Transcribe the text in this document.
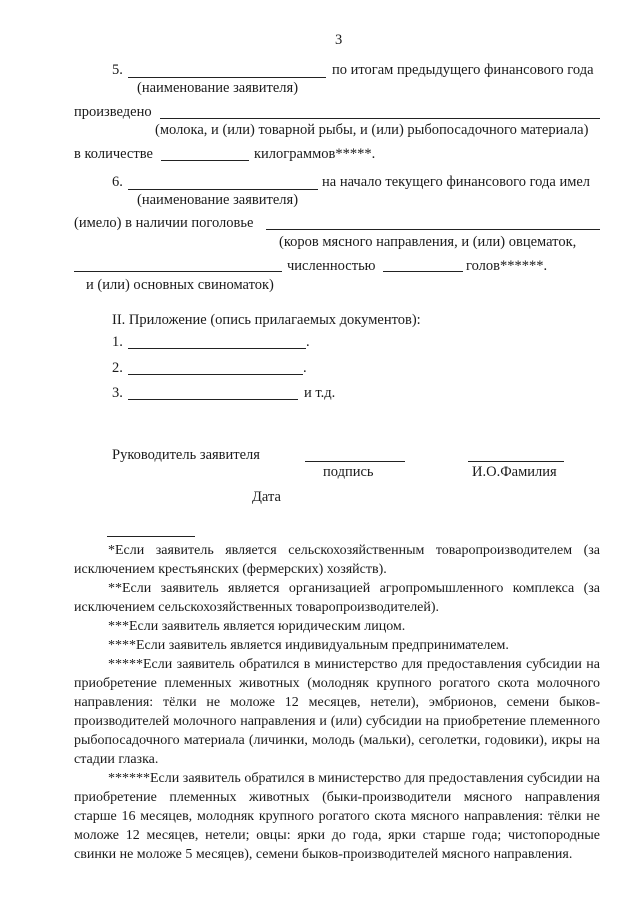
3
5.	по итогам предыдущего финансового года
(наименование заявителя)
произведено
(молока, и (или) товарной рыбы, и (или) рыбопосадочного материала)
в количестве	килограммов*****.
6.	на начало текущего финансового года имел
(наименование заявителя)
(имело) в наличии поголовье
(коров мясного направления, и (или) овцематок,
численностью	голов******.
и (или) основных свиноматок)
II. Приложение (опись прилагаемых документов):
1.	.
2.	.
3.	и т.д.
Руководитель заявителя
подпись	И.О.Фамилия
Дата

*Если заявитель является сельскохозяйственным товаропроизводителем (за исключением крестьянских (фермерских) хозяйств).

**Если заявитель является организацией агропромышленного комплекса (за исключением сельскохозяйственных товаропроизводителей).

***Если заявитель является юридическим лицом.

****Если заявитель является индивидуальным предпринимателем.

*****Если заявитель обратился в министерство для предоставления субсидии на приобретение племенных животных (молодняк крупного рогатого скота молочного направления: тёлки не моложе 12 месяцев, нетели), эмбрионов, семени быков-производителей молочного направления и (или) субсидии на приобретение племенного рыбопосадочного материала (личинки, молодь (мальки), сеголетки, годовики), икры на стадии глазка.

******Если заявитель обратился в министерство для предоставления субсидии на приобретение племенных животных (быки-производители мясного направления старше 16 месяцев, молодняк крупного рогатого скота мясного направления: тёлки не моложе 12 месяцев, нетели; овцы: ярки до года, ярки старше года; чистопородные свинки не моложе 5 месяцев), семени быков-производителей мясного направления.
